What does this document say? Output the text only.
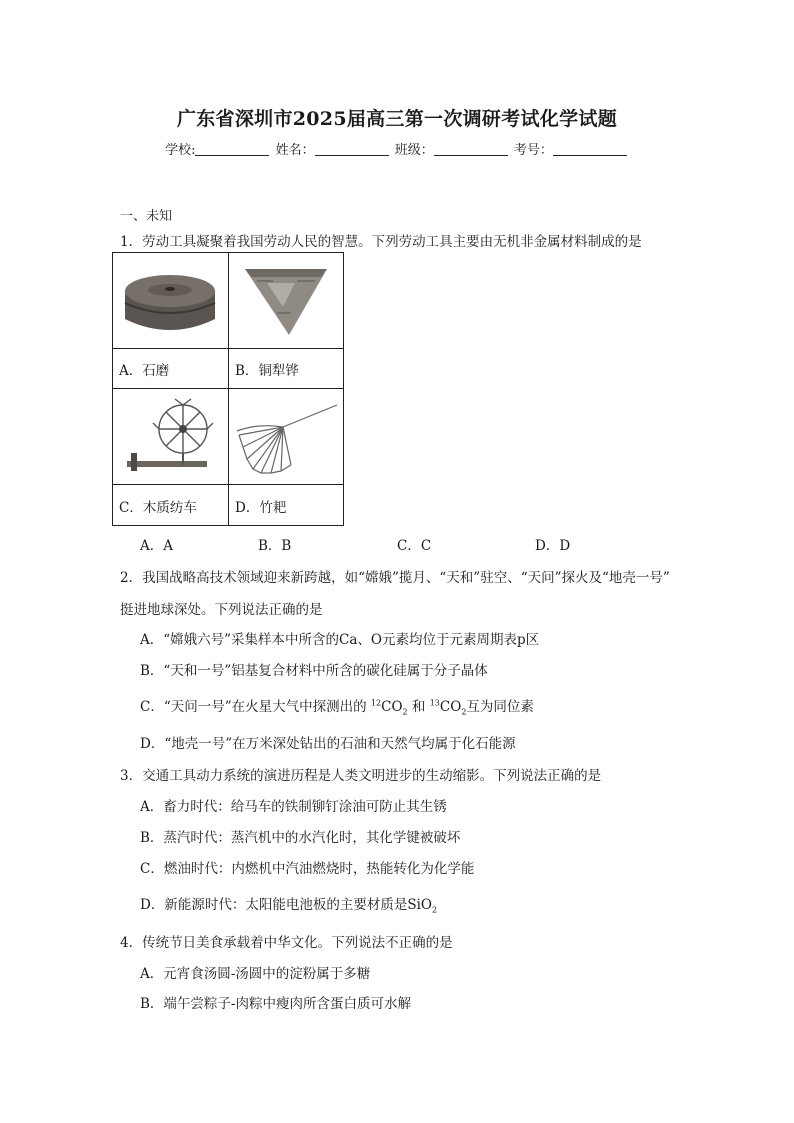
广东省深圳市2025届高三第一次调研考试化学试题
学校:	姓名：	班级：	考号：
一、未知
1．劳动工具凝聚着我国劳动人民的智慧。下列劳动工具主要由无机非金属材料制成的是
A．石磨	B．铜犁铧
C．木质纺车	D．竹耙
A．A	B．B	C．C	D．D
2．我国战略高技术领域迎来新跨越，如“嫦娥”揽月、“天和”驻空、“天问”探火及“地壳一号”
挺进地球深处。下列说法正确的是
A．“嫦娥六号”采集样本中所含的Ca、O元素均位于元素周期表p区
B．“天和一号”铝基复合材料中所含的碳化硅属于分子晶体
C．“天问一号”在火星大气中探测出的 $^{12}CO_2$ 和 $^{13}CO_2$互为同位素
D．“地壳一号”在万米深处钻出的石油和天然气均属于化石能源
3．交通工具动力系统的演进历程是人类文明进步的生动缩影。下列说法正确的是
A．畜力时代：给马车的铁制铆钉涂油可防止其生锈
B．蒸汽时代：蒸汽机中的水汽化时，其化学键被破坏
C．燃油时代：内燃机中汽油燃烧时，热能转化为化学能
D．新能源时代：太阳能电池板的主要材质是SiO$_2$
4．传统节日美食承载着中华文化。下列说法不正确的是
A．元宵食汤圆-汤圆中的淀粉属于多糖
B．端午尝粽子-肉粽中瘦肉所含蛋白质可水解
